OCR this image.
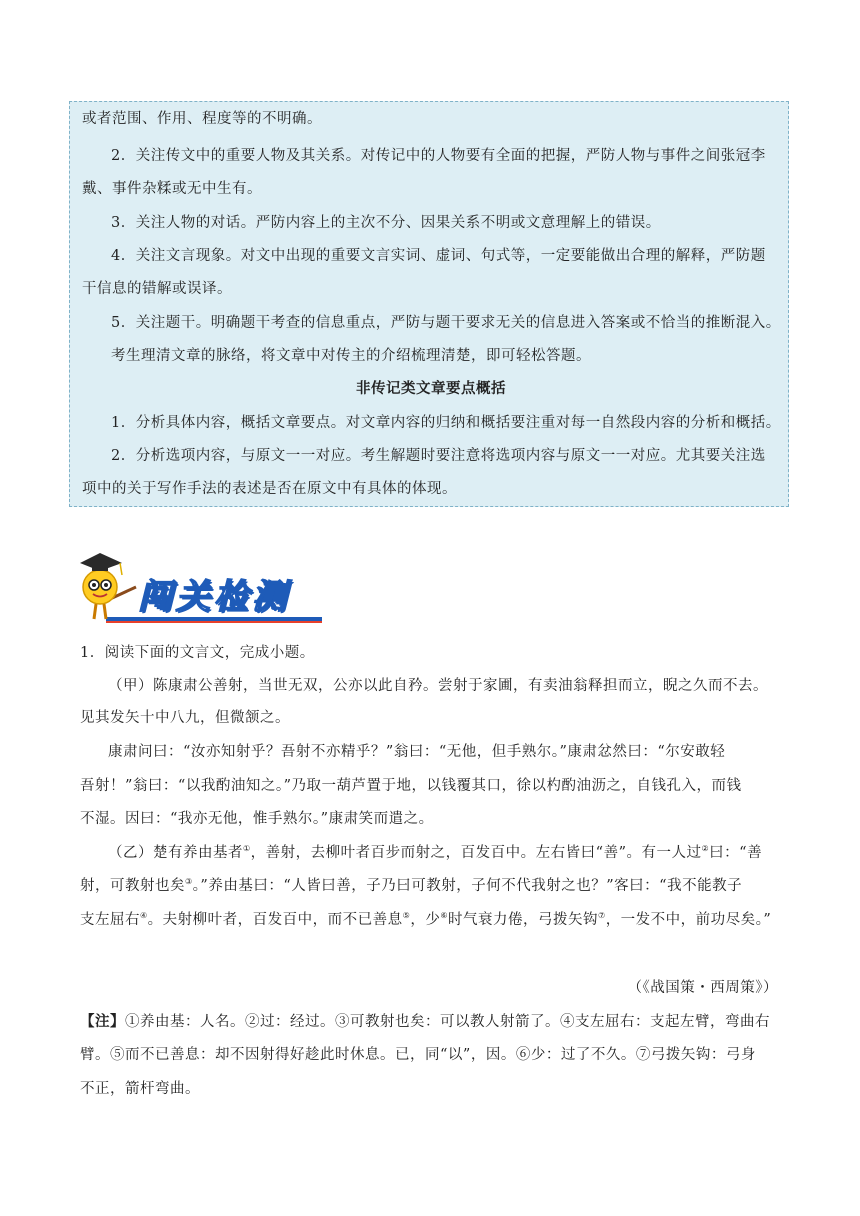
或者范围、作用、程度等的不明确。

2．关注传文中的重要人物及其关系。对传记中的人物要有全面的把握，严防人物与事件之间张冠李

戴、事件杂糅或无中生有。

3．关注人物的对话。严防内容上的主次不分、因果关系不明或文意理解上的错误。

4．关注文言现象。对文中出现的重要文言实词、虚词、句式等，一定要能做出合理的解释，严防题

干信息的错解或误译。

5．关注题干。明确题干考查的信息重点，严防与题干要求无关的信息进入答案或不恰当的推断混入。

考生理清文章的脉络，将文章中对传主的介绍梳理清楚，即可轻松答题。

非传记类文章要点概括

1．分析具体内容，概括文章要点。对文章内容的归纳和概括要注重对每一自然段内容的分析和概括。

2．分析选项内容，与原文一一对应。考生解题时要注意将选项内容与原文一一对应。尤其要关注选

项中的关于写作手法的表述是否在原文中有具体的体现。

闯关检测

1．阅读下面的文言文，完成小题。

（甲）陈康肃公善射，当世无双，公亦以此自矜。尝射于家圃，有卖油翁释担而立，睨之久而不去。

见其发矢十中八九，但微颔之。

康肃问曰：“汝亦知射乎？吾射不亦精乎？”翁曰：“无他，但手熟尔。”康肃忿然曰：“尔安敢轻

吾射！”翁曰：“以我酌油知之。”乃取一葫芦置于地，以钱覆其口，徐以杓酌油沥之，自钱孔入，而钱

不湿。因曰：“我亦无他，惟手熟尔。”康肃笑而遣之。

（乙）楚有养由基者①，善射，去柳叶者百步而射之，百发百中。左右皆曰“善”。有一人过②曰：“善

射，可教射也矣③。”养由基曰：“人皆曰善，子乃曰可教射，子何不代我射之也？”客曰：“我不能教子

支左屈右④。夫射柳叶者，百发百中，而不已善息⑤，少⑥时气衰力倦，弓拨矢钩⑦，一发不中，前功尽矣。”

（《战国策・西周策》）

【注】①养由基：人名。②过：经过。③可教射也矣：可以教人射箭了。④支左屈右：支起左臂，弯曲右

臂。⑤而不已善息：却不因射得好趁此时休息。已，同“以”，因。⑥少：过了不久。⑦弓拨矢钩：弓身

不正，箭杆弯曲。
